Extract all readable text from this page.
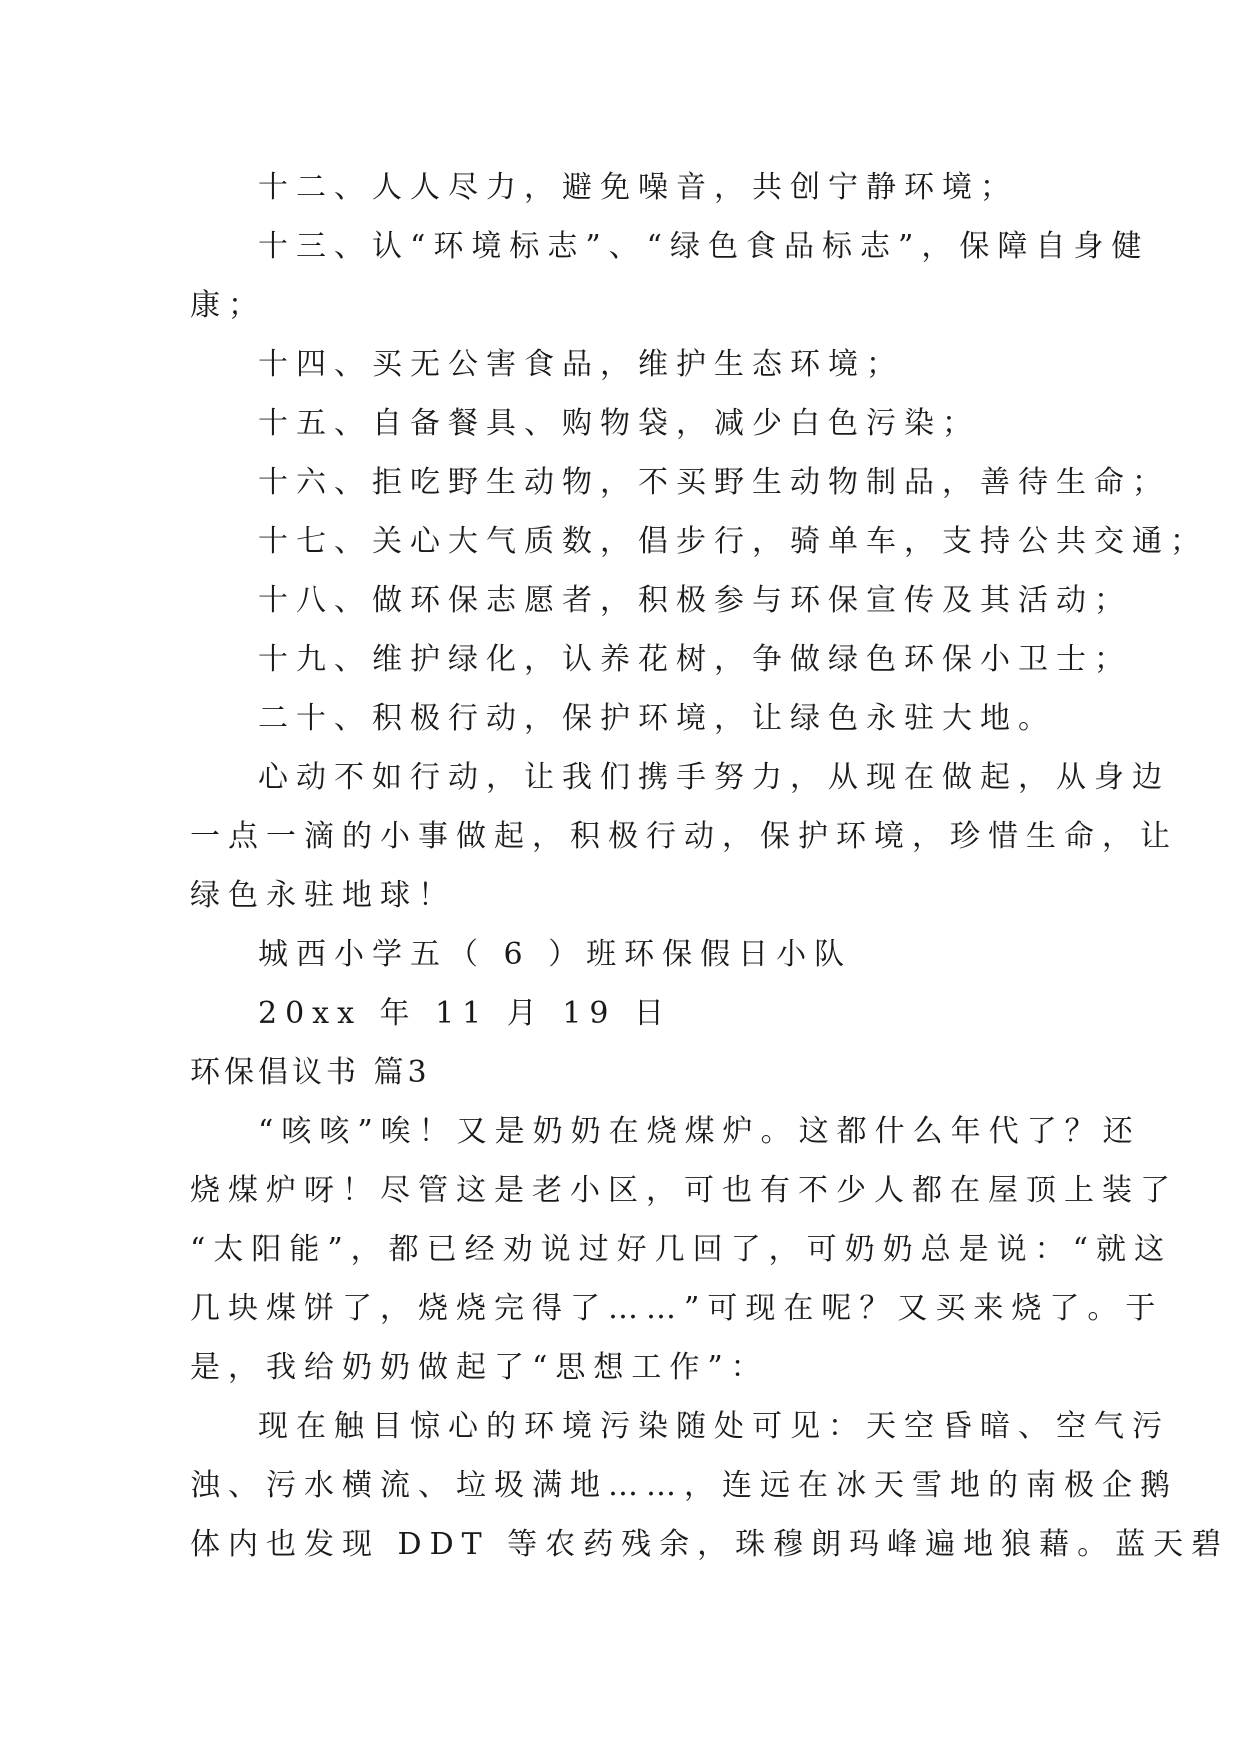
十二、人人尽力，避免噪音，共创宁静环境；

十三、认“环境标志”、“绿色食品标志”，保障自身健

康；

十四、买无公害食品，维护生态环境；

十五、自备餐具、购物袋，减少白色污染；

十六、拒吃野生动物，不买野生动物制品，善待生命；

十七、关心大气质数，倡步行，骑单车，支持公共交通；

十八、做环保志愿者，积极参与环保宣传及其活动；

十九、维护绿化，认养花树，争做绿色环保小卫士；

二十、积极行动，保护环境，让绿色永驻大地。

心动不如行动，让我们携手努力，从现在做起，从身边

一点一滴的小事做起，积极行动，保护环境，珍惜生命，让

绿色永驻地球！

城西小学五（ 6 ）班环保假日小队

20xx 年 11 月 19 日

环保倡议书 篇3

“咳咳”唉！又是奶奶在烧煤炉。这都什么年代了？还

烧煤炉呀！尽管这是老小区，可也有不少人都在屋顶上装了

“太阳能”，都已经劝说过好几回了，可奶奶总是说：“就这

几块煤饼了，烧烧完得了……”可现在呢？又买来烧了。于

是，我给奶奶做起了“思想工作”：

现在触目惊心的环境污染随处可见：天空昏暗、空气污

浊、污水横流、垃圾满地……，连远在冰天雪地的南极企鹅

体内也发现 DDT 等农药残余，珠穆朗玛峰遍地狼藉。蓝天碧
